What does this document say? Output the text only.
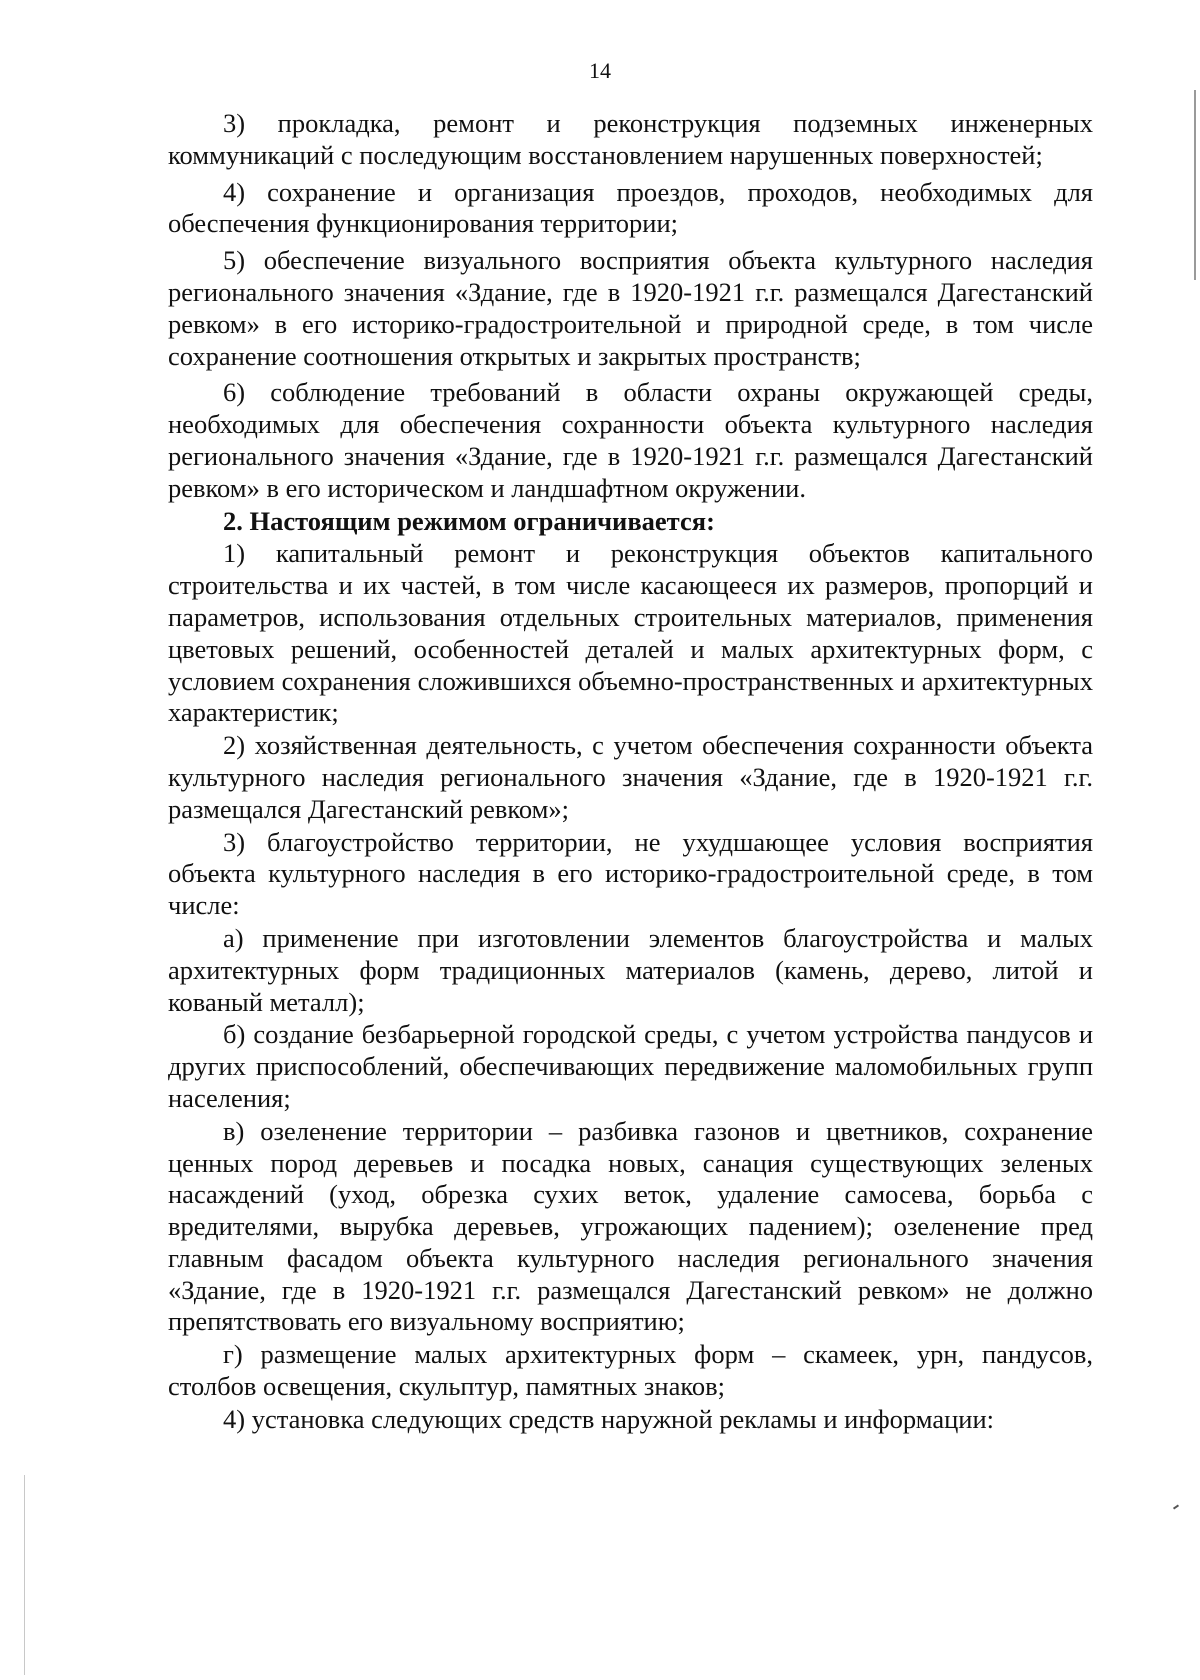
14

3) прокладка, ремонт и реконструкция подземных инженерных коммуникаций с последующим восстановлением нарушенных поверхностей;

4) сохранение и организация проездов, проходов, необходимых для обеспечения функционирования территории;

5) обеспечение визуального восприятия объекта культурного наследия регионального значения «Здание, где в 1920-1921 г.г. размещался Дагестанский ревком» в его историко-градостроительной и природной среде, в том числе сохранение соотношения открытых и закрытых пространств;

6) соблюдение требований в области охраны окружающей среды, необходимых для обеспечения сохранности объекта культурного наследия регионального значения «Здание, где в 1920-1921 г.г. размещался Дагестанский ревком» в его историческом и ландшафтном окружении.

2. Настоящим режимом ограничивается:

1) капитальный ремонт и реконструкция объектов капитального строительства и их частей, в том числе касающееся их размеров, пропорций и параметров, использования отдельных строительных материалов, применения цветовых решений, особенностей деталей и малых архитектурных форм, с условием сохранения сложившихся объемно-пространственных и архитектурных характеристик;

2) хозяйственная деятельность, с учетом обеспечения сохранности объекта культурного наследия регионального значения «Здание, где в 1920-1921 г.г. размещался Дагестанский ревком»;

3) благоустройство территории, не ухудшающее условия восприятия объекта культурного наследия в его историко-градостроительной среде, в том числе:

а) применение при изготовлении элементов благоустройства и малых архитектурных форм традиционных материалов (камень, дерево, литой и кованый металл);

б) создание безбарьерной городской среды, с учетом устройства пандусов и других приспособлений, обеспечивающих передвижение маломобильных групп населения;

в) озеленение территории – разбивка газонов и цветников, сохранение ценных пород деревьев и посадка новых, санация существующих зеленых насаждений (уход, обрезка сухих веток, удаление самосева, борьба с вредителями, вырубка деревьев, угрожающих падением); озеленение пред главным фасадом объекта культурного наследия регионального значения «Здание, где в 1920-1921 г.г. размещался Дагестанский ревком» не должно препятствовать его визуальному восприятию;

г) размещение малых архитектурных форм – скамеек, урн, пандусов, столбов освещения, скульптур, памятных знаков;

4) установка следующих средств наружной рекламы и информации:
